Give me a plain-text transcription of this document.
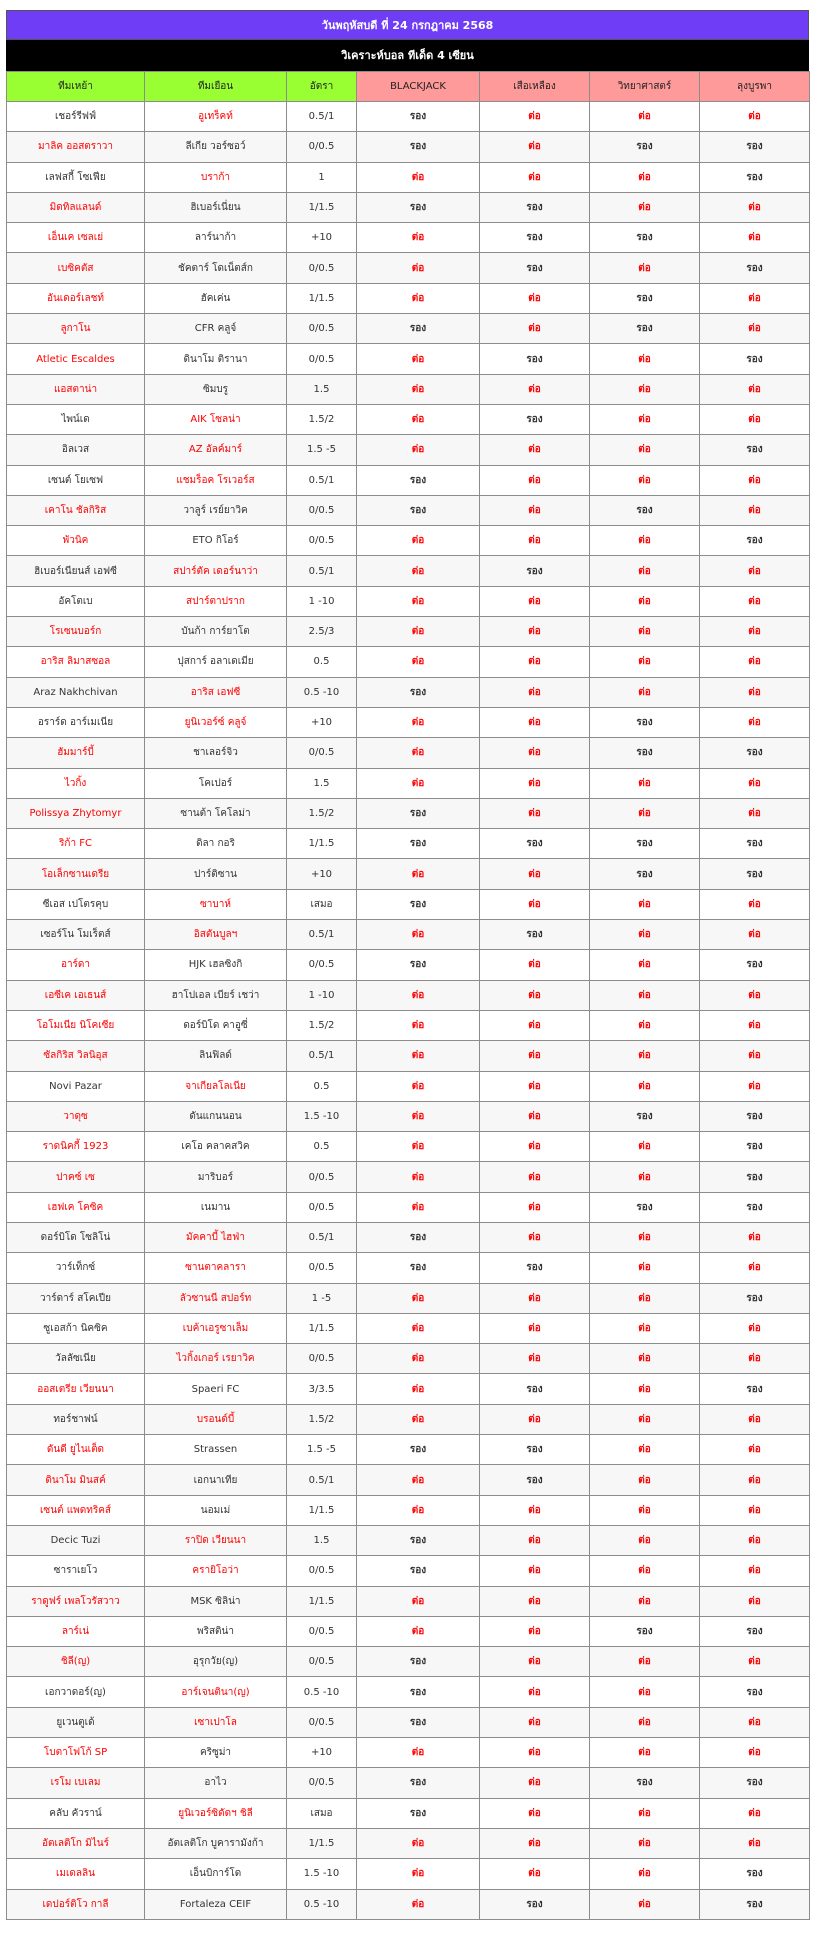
วันพฤหัสบดี ที่ 24 กรกฎาคม 2568
วิเคราะห์บอล ทีเด็ด 4 เซียน
ทีมเหย้า	ทีมเยือน	อัตรา	BLACKJACK	เสือเหลือง	วิทยาศาสตร์	ลุงบูรพา
เชอร์รีฟฟ์	อูเทร็คท์	0.5/1	รอง	ต่อ	ต่อ	ต่อ
มาลิค ออสตราวา	ลีเกีย วอร์ซอว์	0/0.5	รอง	ต่อ	รอง	รอง
เลฟสกี้ โซเฟีย	บราก้า	1	ต่อ	ต่อ	ต่อ	รอง
มิดทิลแลนด์	ฮิเบอร์เนี่ยน	1/1.5	รอง	รอง	ต่อ	ต่อ
เอ็นเค เซลเย่	ลาร์นาก้า	+10	ต่อ	รอง	รอง	ต่อ
เบซิคตัส	ชัคตาร์ โดเน็ตส์ก	0/0.5	ต่อ	รอง	ต่อ	รอง
อันเดอร์เลชท์	ฮัคเค่น	1/1.5	ต่อ	ต่อ	รอง	ต่อ
ลูกาโน	CFR คลูจ์	0/0.5	รอง	ต่อ	รอง	ต่อ
Atletic Escaldes	ดินาโม ติรานา	0/0.5	ต่อ	รอง	ต่อ	รอง
แอสตาน่า	ซิมบรู	1.5	ต่อ	ต่อ	ต่อ	ต่อ
ไพน์เด	AIK โซลน่า	1.5/2	ต่อ	รอง	ต่อ	ต่อ
อิลเวส	AZ อัลค์มาร์	1.5 -5	ต่อ	ต่อ	ต่อ	รอง
เซนต์ โยเซฟ	แชมร็อค โรเวอร์ส	0.5/1	รอง	ต่อ	ต่อ	ต่อ
เคาโน ชัลกิริส	วาลูร์ เรย์ยาวิค	0/0.5	รอง	ต่อ	รอง	ต่อ
พัวนิค	ETO กิโอร์	0/0.5	ต่อ	ต่อ	ต่อ	รอง
ฮิเบอร์เนียนส์ เอฟซี	สปาร์ตัค เดอร์นาว่า	0.5/1	ต่อ	รอง	ต่อ	ต่อ
อัคโตเบ	สปาร์ตาปราก	1 -10	ต่อ	ต่อ	ต่อ	ต่อ
โรเซนบอร์ก	บันก้า การ์ยาโต	2.5/3	ต่อ	ต่อ	ต่อ	ต่อ
อาริส ลิมาสซอล	ปุสการ์ อลาเดเมีย	0.5	ต่อ	ต่อ	ต่อ	ต่อ
Araz Nakhchivan	อาริส เอฟซี	0.5 -10	รอง	ต่อ	ต่อ	ต่อ
อราร์ด อาร์เมเนีย	ยูนิเวอร์ซ์ คลูจ์	+10	ต่อ	ต่อ	รอง	ต่อ
ฮัมมาร์บี้	ชาเลอร์จิว	0/0.5	ต่อ	ต่อ	รอง	รอง
ไวกิ้ง	โคเปอร์	1.5	ต่อ	ต่อ	ต่อ	ต่อ
Polissya Zhytomyr	ซานต้า โคโลม่า	1.5/2	รอง	ต่อ	ต่อ	ต่อ
ริก้า FC	ดิลา กอริ	1/1.5	รอง	รอง	รอง	รอง
โอเล็กซานเดรีย	ปาร์ติซาน	+10	ต่อ	ต่อ	รอง	รอง
ซีเอส เปโตรคุบ	ซาบาห์	เสมอ	รอง	ต่อ	ต่อ	ต่อ
เซอร์โน โมเร็ตส์	อิสตันบูลฯ	0.5/1	ต่อ	รอง	ต่อ	ต่อ
อาร์ดา	HJK เฮลซิงกิ	0/0.5	รอง	ต่อ	ต่อ	รอง
เอซีเค เอเธนส์	ฮาโปเอล เบียร์ เชว่า	1 -10	ต่อ	ต่อ	ต่อ	ต่อ
โอโมเนีย นิโคเซีย	ดอร์บิโด คาอูซี่	1.5/2	ต่อ	ต่อ	ต่อ	ต่อ
ซัลกิริส วิลนิอุส	ลินฟิลด์	0.5/1	ต่อ	ต่อ	ต่อ	ต่อ
Novi Pazar	จาเกียลโลเนีย	0.5	ต่อ	ต่อ	ต่อ	ต่อ
วาดุซ	ดันแกนนอน	1.5 -10	ต่อ	ต่อ	รอง	รอง
ราดนิคกี้ 1923	เคโอ คลาคสวิค	0.5	ต่อ	ต่อ	ต่อ	รอง
ปาคซ์ เซ	มาริบอร์	0/0.5	ต่อ	ต่อ	ต่อ	รอง
เฮฟเค โคซิค	เนมาน	0/0.5	ต่อ	ต่อ	รอง	รอง
ดอร์บิโด โซลิโน่	มัคคาบี้ ไฮฟ่า	0.5/1	รอง	ต่อ	ต่อ	ต่อ
วาร์เท็กซ์	ซานตาคลารา	0/0.5	รอง	รอง	ต่อ	ต่อ
วาร์ดาร์ สโคเปีย	ลัวซานนี สปอร์ท	1 -5	ต่อ	ต่อ	ต่อ	รอง
ซูเอสก้า นิคซิค	เบค้าเอรูซาเล็ม	1/1.5	ต่อ	ต่อ	ต่อ	ต่อ
วัลลัซเนีย	ไวกิ้งเกอร์ เรยาวิค	0/0.5	ต่อ	ต่อ	ต่อ	ต่อ
ออสเตรีย เวียนนา	Spaeri FC	3/3.5	ต่อ	รอง	ต่อ	รอง
ทอร์ชาฟน์	บรอนด์บี้	1.5/2	ต่อ	ต่อ	ต่อ	ต่อ
ดันดี ยูไนเต็ด	Strassen	1.5 -5	รอง	รอง	ต่อ	ต่อ
ดินาโม มินสค์	เอกนาเทีย	0.5/1	ต่อ	รอง	ต่อ	ต่อ
เซนต์ แพดทริคส์	นอมเม่	1/1.5	ต่อ	ต่อ	ต่อ	ต่อ
Decic Tuzi	ราปิด เวียนนา	1.5	รอง	ต่อ	ต่อ	ต่อ
ซาราเยโว	ครายิโอว่า	0/0.5	รอง	ต่อ	ต่อ	ต่อ
ราดูฟร์ เพลโวรัสวาว	MSK ซิลิน่า	1/1.5	ต่อ	ต่อ	ต่อ	ต่อ
ลาร์เน่	พริสติน่า	0/0.5	ต่อ	ต่อ	รอง	รอง
ชิลี(ญ)	อุรุกวัย(ญ)	0/0.5	รอง	ต่อ	ต่อ	ต่อ
เอกวาดอร์(ญ)	อาร์เจนตินา(ญ)	0.5 -10	รอง	ต่อ	ต่อ	รอง
ยูเวนตูเด้	เซาเปาโล	0/0.5	รอง	ต่อ	ต่อ	ต่อ
โบตาโฟโก้ SP	คริซูม่า	+10	ต่อ	ต่อ	ต่อ	ต่อ
เรโม เบเลม	อาไว	0/0.5	รอง	ต่อ	รอง	รอง
คลับ คัวราน์	ยูนิเวอร์ซิดัดฯ ชิลี	เสมอ	รอง	ต่อ	ต่อ	ต่อ
อัตเลติโก มิไนร์	อัตเลติโก บูคารามังก้า	1/1.5	ต่อ	ต่อ	ต่อ	ต่อ
เมเดลลิน	เอ็นบิการ์โด	1.5 -10	ต่อ	ต่อ	ต่อ	รอง
เดปอร์ติโว กาลี	Fortaleza CEIF	0.5 -10	ต่อ	รอง	ต่อ	รอง
